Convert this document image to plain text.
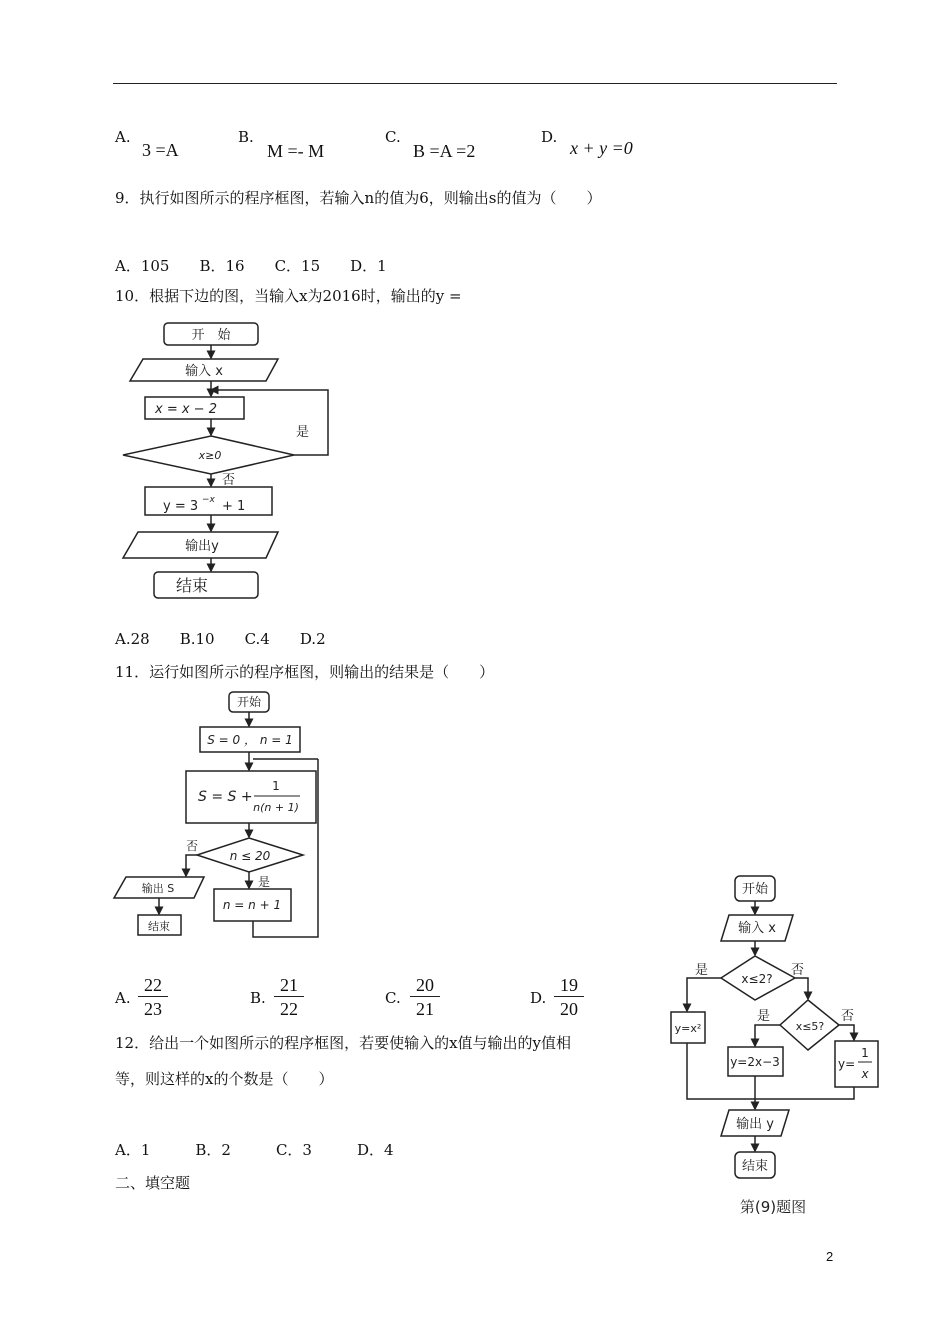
A.
3 =A
B.
M =- M
C.
B =A =2
D.
x + y =0
9．执行如图所示的程序框图，若输入n的值为6，则输出s的值为（　　）
A．105　　B．16　　C．15　　D．1
10．根据下边的图，当输入x为2016时，输出的y =
开　始
输入 x
x = x − 2
x≥0
是
否
y = 3 −x + 1
输出y
结束
A.28　　B.10　　C.4　　D.2
11．运行如图所示的程序框图，则输出的结果是（　　）
开始
S = 0 ， n = 1
S = S +
1
n(n + 1)
n ≤ 20
否
是
输出 S
结束
n = n + 1
A. $\frac{22}{23}$	B. $\frac{21}{22}$	C. $\frac{20}{21}$	D. $\frac{19}{20}$
12．给出一个如图所示的程序框图，若要使输入的x值与输出的y值相
等，则这样的x的个数是（　　）
A．1　　　B．2　　　C．3　　　D．4
二、填空题
开始
输入 x
x≤2?
是	否
x≤5?
是	否
y=x²
y=2x−3	y=
1
x
输出 y
结束
第(9)题图
2
